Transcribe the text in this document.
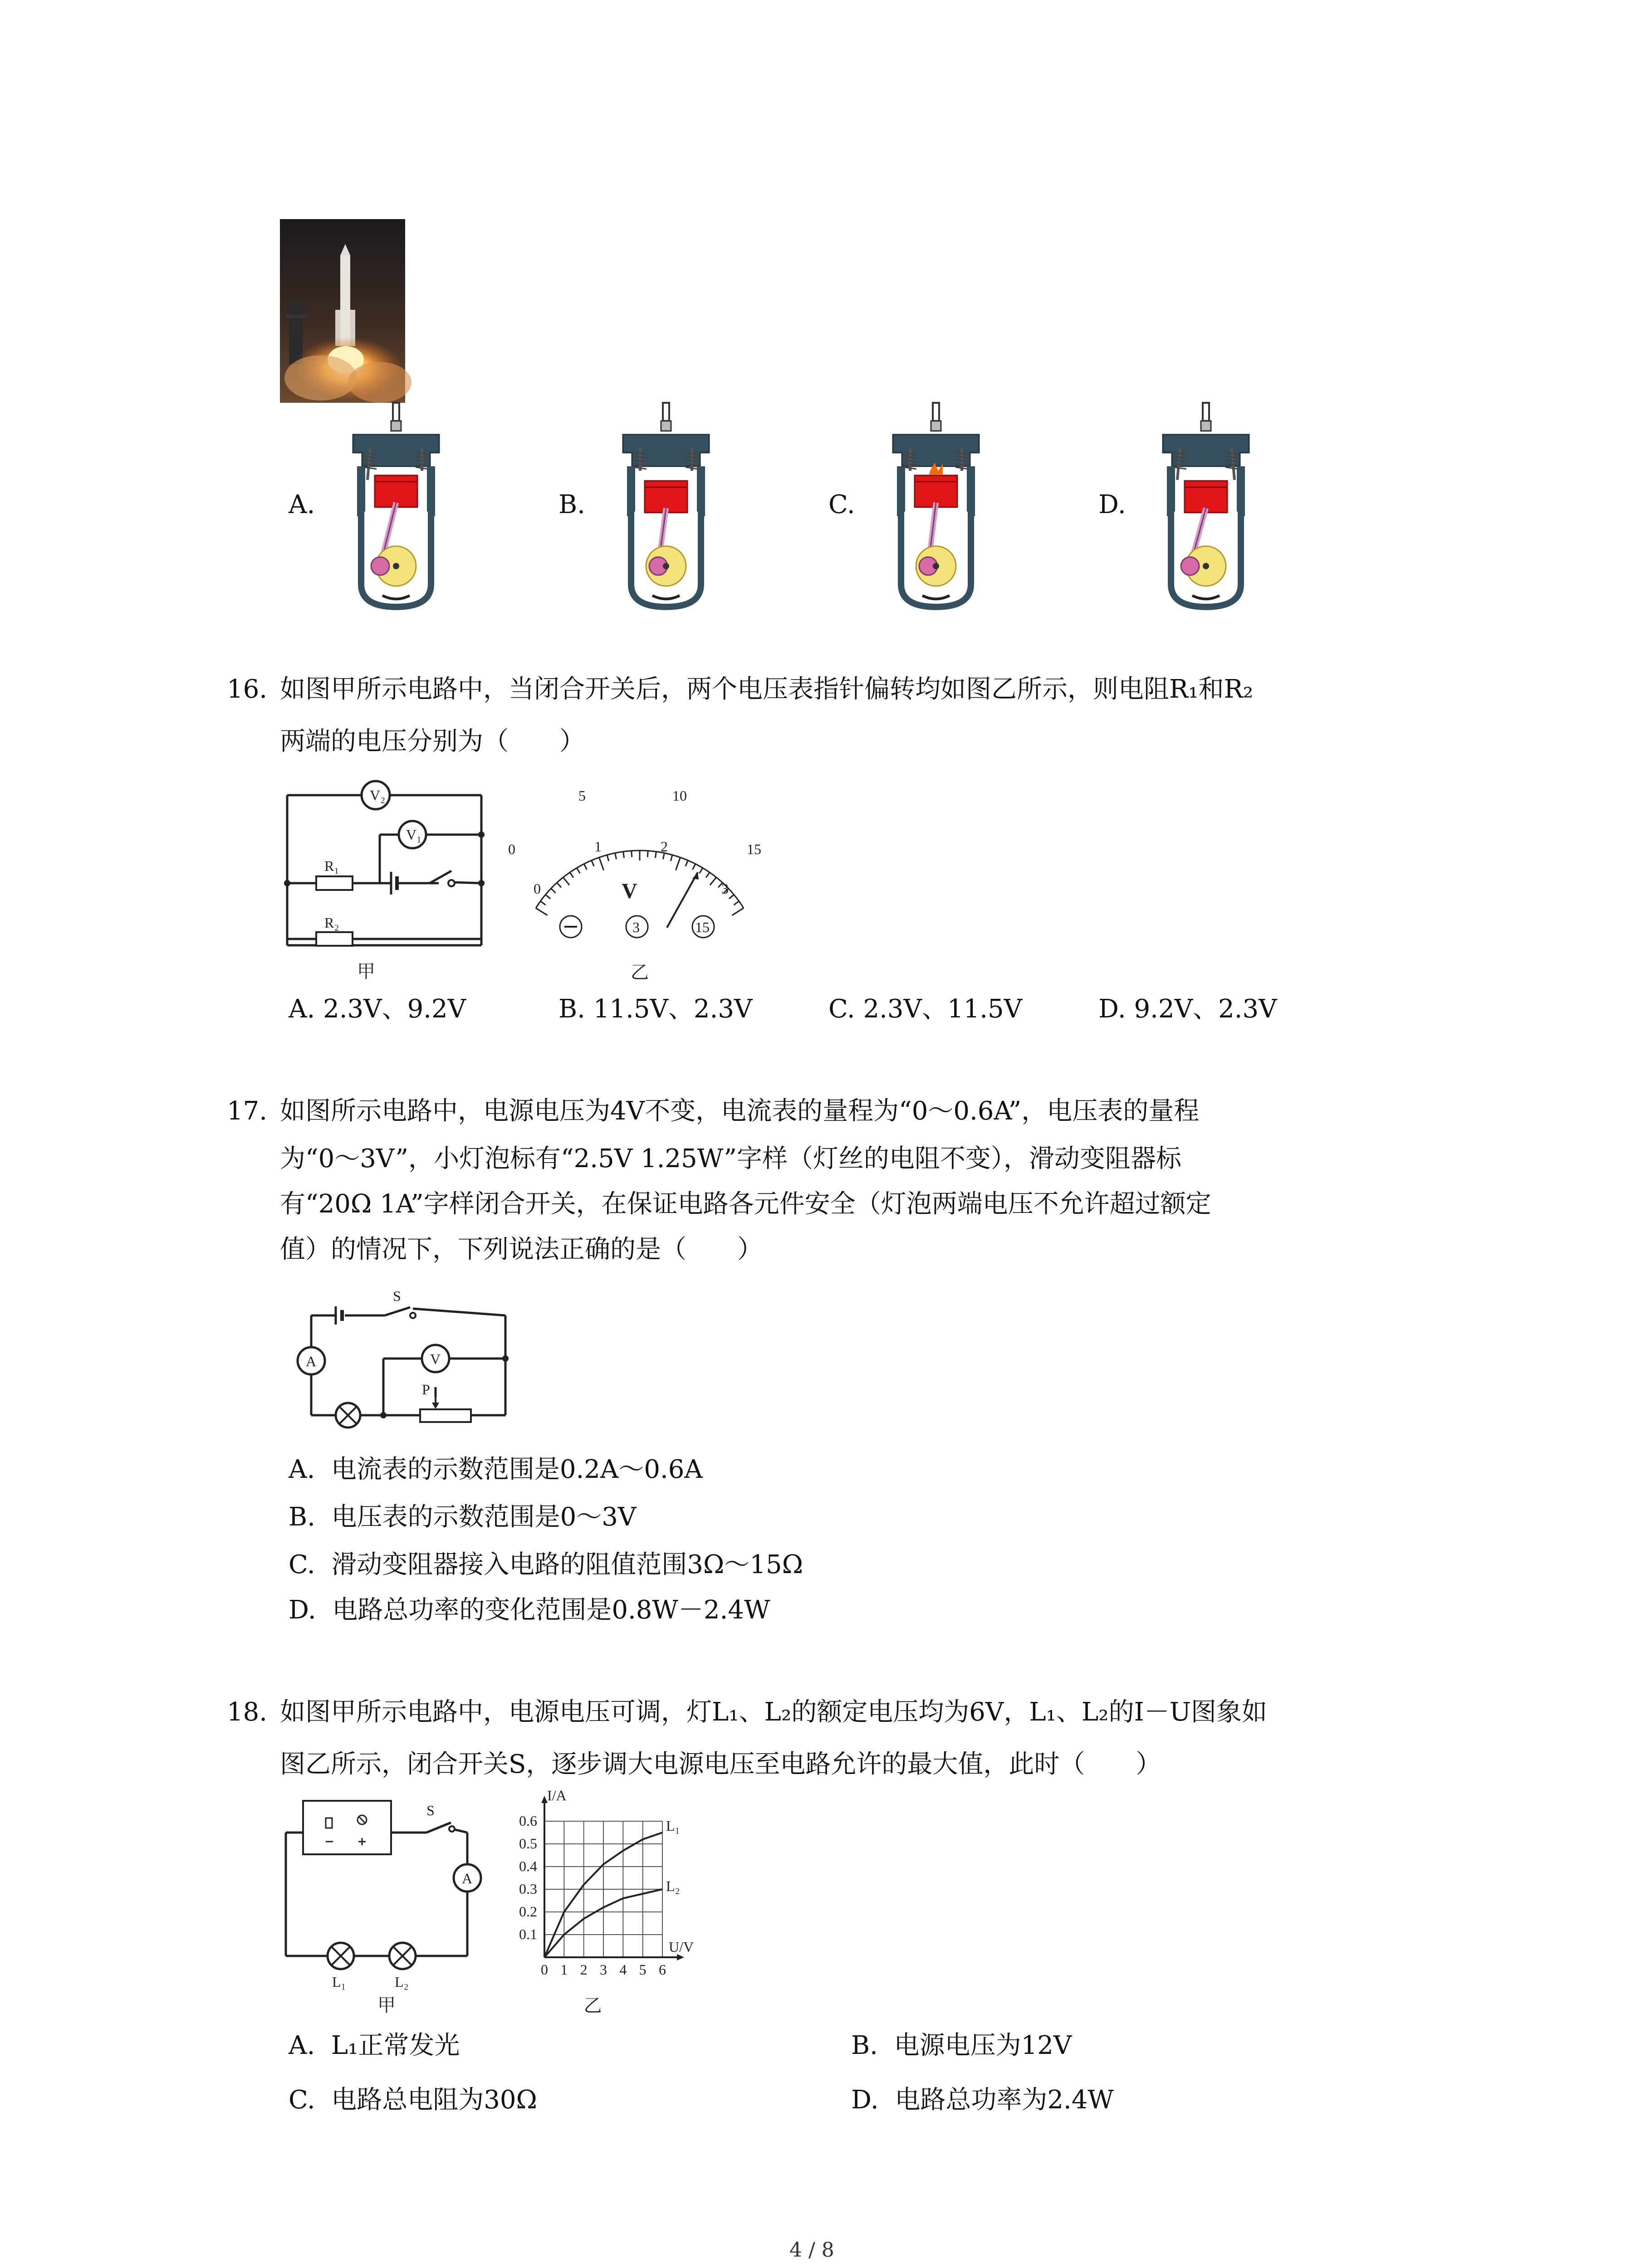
A.	B.	C.	D.
16. 如图甲所示电路中，当闭合开关后，两个电压表指针偏转均如图乙所示，则电阻R₁和R₂
两端的电压分别为（　　）
V₂
V₁
R₁
R₂
甲
0
5	10
15
0
1	2
3
V
3	15
乙
A. 2.3V、9.2V	B. 11.5V、2.3V	C. 2.3V、11.5V	D. 9.2V、2.3V
17. 如图所示电路中，电源电压为4V不变，电流表的量程为“0～0.6A”，电压表的量程
为“0～3V”，小灯泡标有“2.5V 1.25W”字样（灯丝的电阻不变），滑动变阻器标
有“20Ω 1A”字样闭合开关，在保证电路各元件安全（灯泡两端电压不允许超过额定
值）的情况下，下列说法正确的是（　　）
S
A	V
P
A. 电流表的示数范围是0.2A～0.6A
B. 电压表的示数范围是0～3V
C. 滑动变阻器接入电路的阻值范围3Ω～15Ω
D. 电路总功率的变化范围是0.8W－2.4W
18. 如图甲所示电路中，电源电压可调，灯L₁、L₂的额定电压均为6V，L₁、L₂的I－U图象如
图乙所示，闭合开关S，逐步调大电源电压至电路允许的最大值，此时（　　）
S
A
L₁	L₂
甲
0 1 2 3 4 5 6
0.1
0.2
0.3
0.4
0.5
0.6
I/A
U/V
L₁
L₂
乙
A. L₁正常发光	B. 电源电压为12V
C. 电路总电阻为30Ω	D. 电路总功率为2.4W
4 / 8
